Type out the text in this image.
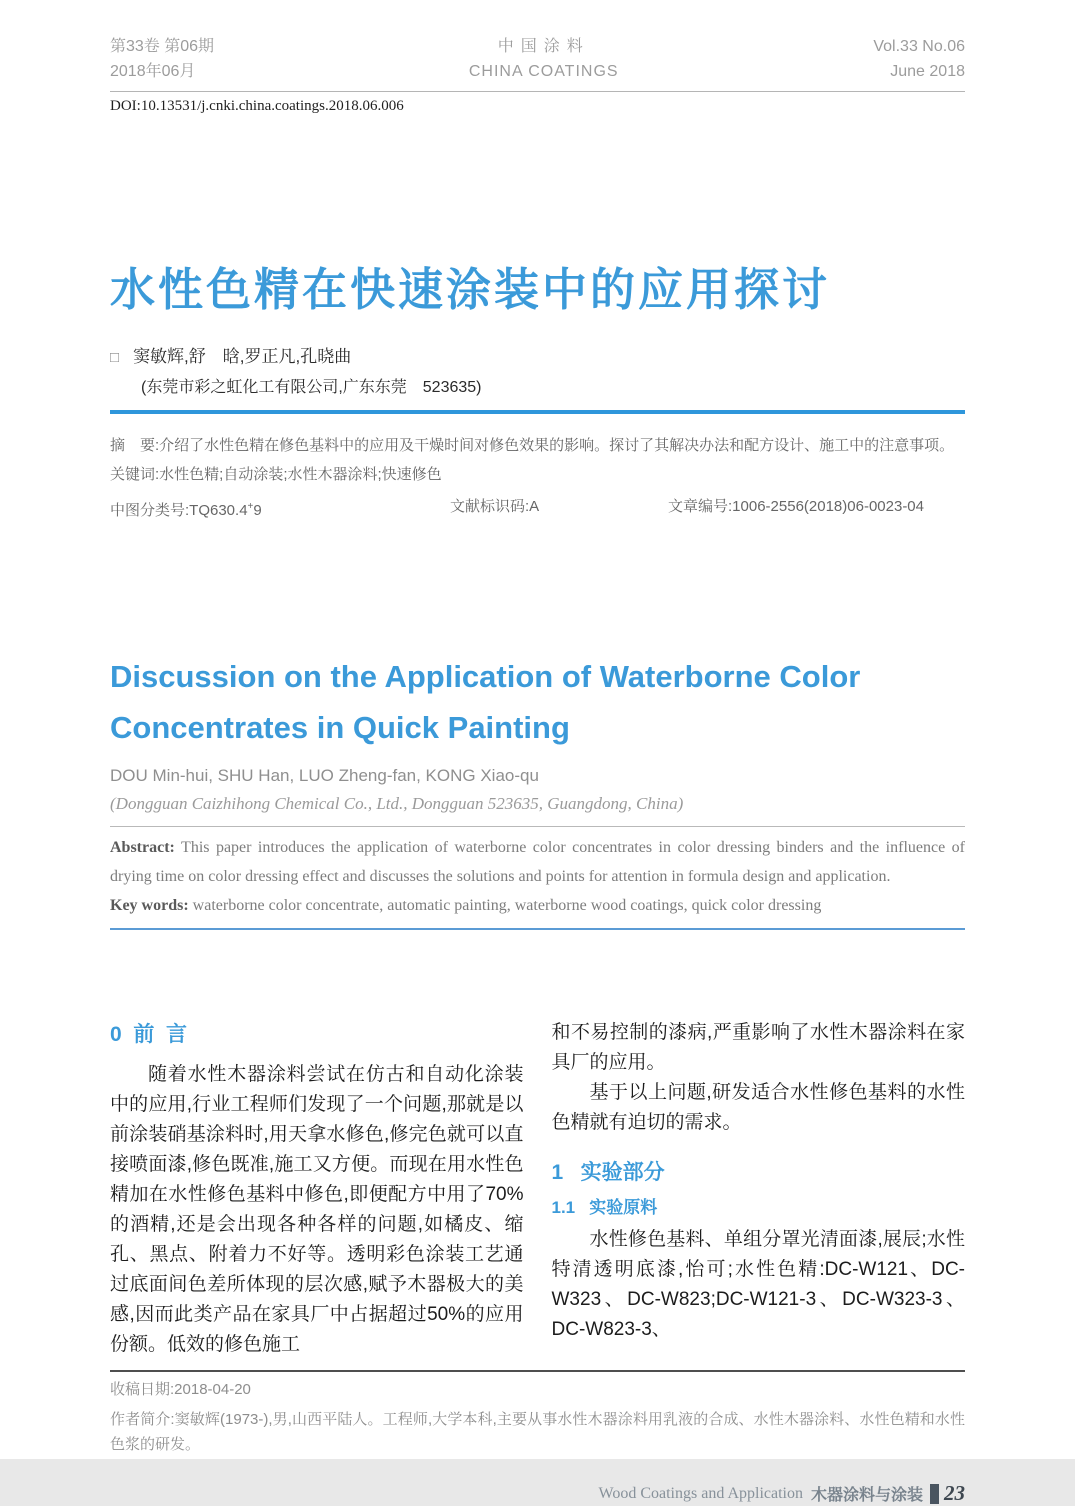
第33卷 第06期
2018年06月
中国涂料
CHINA COATINGS
Vol.33 No.06
June 2018
DOI:10.13531/j.cnki.china.coatings.2018.06.006
水性色精在快速涂装中的应用探讨
□ 窦敏辉,舒　晗,罗正凡,孔晓曲
(东莞市彩之虹化工有限公司,广东东莞　523635)

摘　要:介绍了水性色精在修色基料中的应用及干燥时间对修色效果的影响。探讨了其解决办法和配方设计、施工中的注意事项。

关键词:水性色精;自动涂装;水性木器涂料;快速修色

中图分类号:TQ630.4+9	文献标识码:A	文章编号:1006-2556(2018)06-0023-04

Discussion on the Application of Waterborne Color
Concentrates in Quick Painting
DOU Min-hui, SHU Han, LUO Zheng-fan, KONG Xiao-qu
(Dongguan Caizhihong Chemical Co., Ltd., Dongguan 523635, Guangdong, China)

Abstract: This paper introduces the application of waterborne color concentrates in color dressing binders and the influence of drying time on color dressing effect and discusses the solutions and points for attention in formula design and application.

Key words: waterborne color concentrate, automatic painting, waterborne wood coatings, quick color dressing

0  前  言

随着水性木器涂料尝试在仿古和自动化涂装中的应用,行业工程师们发现了一个问题,那就是以前涂装硝基涂料时,用天拿水修色,修完色就可以直接喷面漆,修色既准,施工又方便。而现在用水性色精加在水性修色基料中修色,即便配方中用了70%的酒精,还是会出现各种各样的问题,如橘皮、缩孔、黑点、附着力不好等。透明彩色涂装工艺通过底面间色差所体现的层次感,赋予木器极大的美感,因而此类产品在家具厂中占据超过50%的应用份额。低效的修色施工

和不易控制的漆病,严重影响了水性木器涂料在家具厂的应用。

基于以上问题,研发适合水性修色基料的水性色精就有迫切的需求。

1   实验部分
1.1   实验原料

水性修色基料、单组分罩光清面漆,展辰;水性特清透明底漆,怡可;水性色精:DC-W121、DC-W323、DC-W823;DC-W121-3、DC-W323-3、DC-W823-3、

收稿日期:2018-04-20

作者简介:窦敏辉(1973-),男,山西平陆人。工程师,大学本科,主要从事水性木器涂料用乳液的合成、水性木器涂料、水性色精和水性色浆的研发。

Wood Coatings and Application 木器涂料与涂装 23
